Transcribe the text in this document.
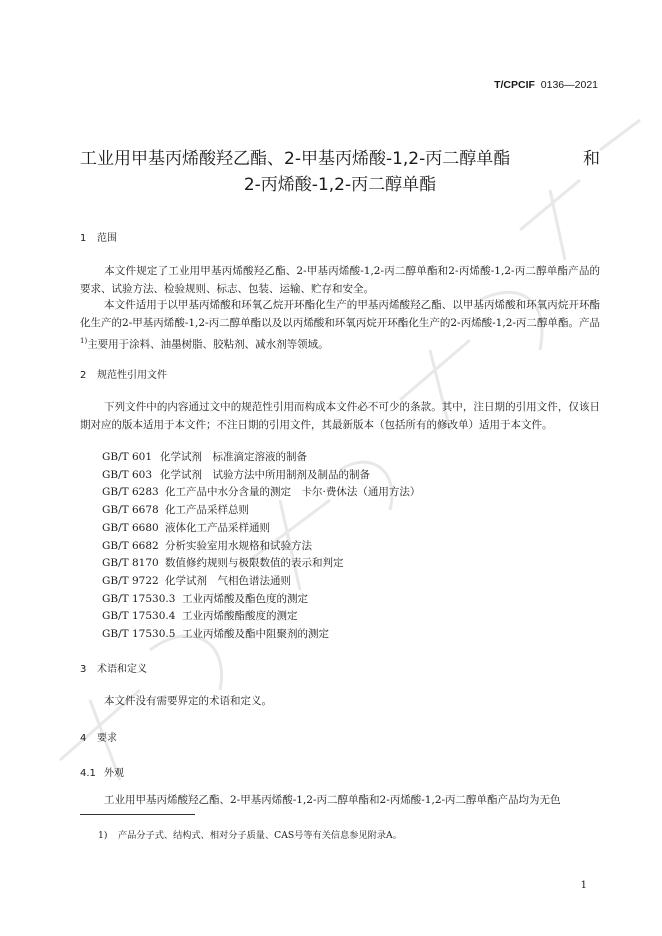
T/CPCIF 0136—2021
工业用甲基丙烯酸羟乙酯、2-甲基丙烯酸-1,2-丙二醇单酯	和
2-丙烯酸-1,2-丙二醇单酯
1 范围
本文件规定了工业用甲基丙烯酸羟乙酯、2-甲基丙烯酸-1,2-丙二醇单酯和2-丙烯酸-1,2-丙二醇单酯产品的要求、试验方法、检验规则、标志、包装、运输、贮存和安全。
本文件适用于以甲基丙烯酸和环氧乙烷开环酯化生产的甲基丙烯酸羟乙酯、以甲基丙烯酸和环氧丙烷开环酯化生产的2-甲基丙烯酸-1,2-丙二醇单酯以及以丙烯酸和环氧丙烷开环酯化生产的2-丙烯酸-1,2-丙二醇单酯。产品$^{1)}$主要用于涂料、油墨树脂、胶粘剂、减水剂等领域。
2 规范性引用文件
下列文件中的内容通过文中的规范性引用而构成本文件必不可少的条款。其中，注日期的引用文件，仅该日期对应的版本适用于本文件；不注日期的引用文件，其最新版本（包括所有的修改单）适用于本文件。
GB/T 601 化学试剂　标准滴定溶液的制备
GB/T 603 化学试剂　试验方法中所用制剂及制品的制备
GB/T 6283 化工产品中水分含量的测定　卡尔·费休法（通用方法）
GB/T 6678 化工产品采样总则
GB/T 6680 液体化工产品采样通则
GB/T 6682 分析实验室用水规格和试验方法
GB/T 8170 数值修约规则与极限数值的表示和判定
GB/T 9722 化学试剂　气相色谱法通则
GB/T 17530.3 工业丙烯酸及酯色度的测定
GB/T 17530.4 工业丙烯酸酯酸度的测定
GB/T 17530.5 工业丙烯酸及酯中阻聚剂的测定
3 术语和定义
本文件没有需要界定的术语和定义。
4 要求
4.1 外观
工业用甲基丙烯酸羟乙酯、2-甲基丙烯酸-1,2-丙二醇单酯和2-丙烯酸-1,2-丙二醇单酯产品均为无色
1) 产品分子式、结构式、相对分子质量、CAS号等有关信息参见附录A。
1
